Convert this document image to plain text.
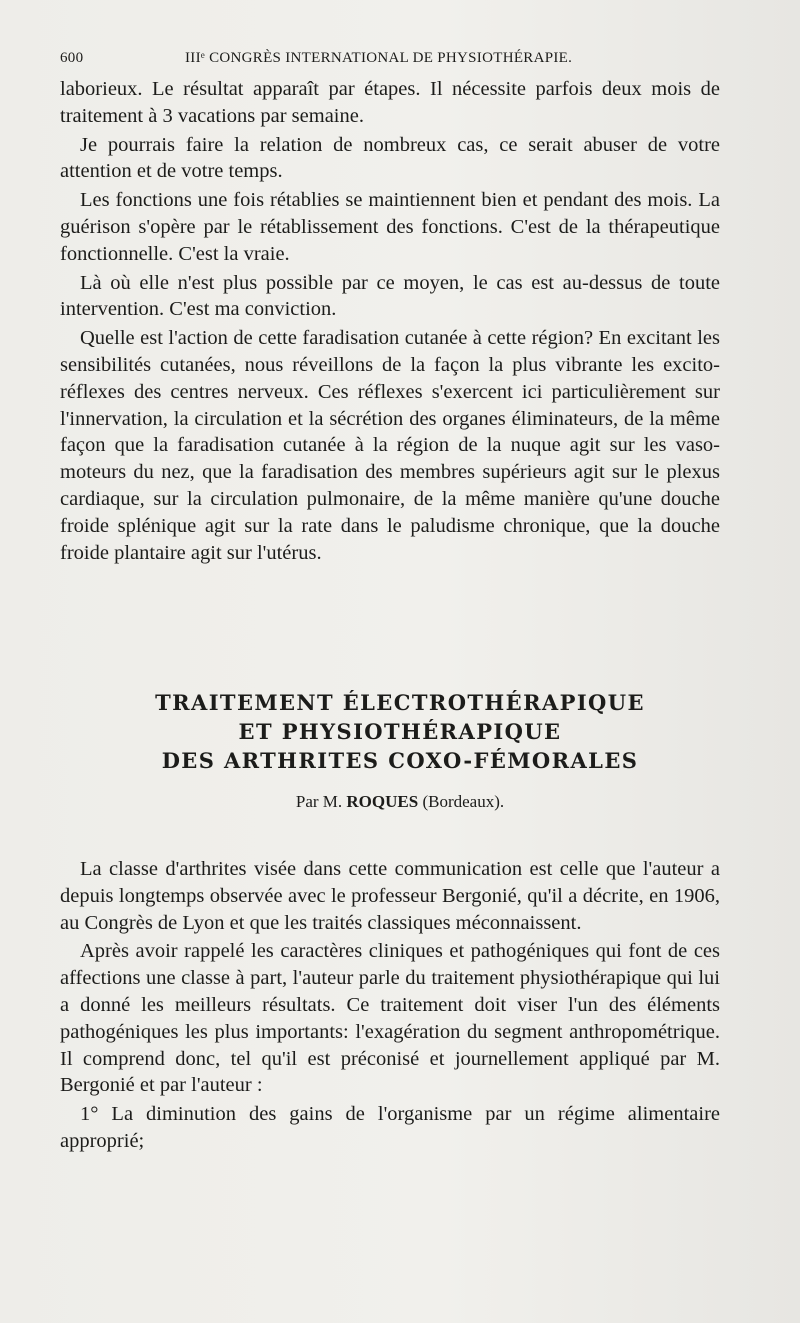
600	IIIᵉ CONGRÈS INTERNATIONAL DE PHYSIOTHÉRAPIE.

laborieux. Le résultat apparaît par étapes. Il nécessite parfois deux mois de traitement à 3 vacations par semaine.

Je pourrais faire la relation de nombreux cas, ce serait abuser de votre attention et de votre temps.

Les fonctions une fois rétablies se maintiennent bien et pendant des mois. La guérison s'opère par le rétablissement des fonctions. C'est de la thérapeutique fonctionnelle. C'est la vraie.

Là où elle n'est plus possible par ce moyen, le cas est au-dessus de toute intervention. C'est ma conviction.

Quelle est l'action de cette faradisation cutanée à cette région? En excitant les sensibilités cutanées, nous réveillons de la façon la plus vibrante les excito-réflexes des centres nerveux. Ces réflexes s'exercent ici particulièrement sur l'innervation, la circulation et la sécrétion des organes éliminateurs, de la même façon que la faradisation cutanée à la région de la nuque agit sur les vaso-moteurs du nez, que la faradisation des membres supérieurs agit sur le plexus cardiaque, sur la circulation pulmonaire, de la même manière qu'une douche froide splénique agit sur la rate dans le paludisme chronique, que la douche froide plantaire agit sur l'utérus.

TRAITEMENT ÉLECTROTHÉRAPIQUE
ET PHYSIOTHÉRAPIQUE
DES ARTHRITES COXO-FÉMORALES
Par M. ROQUES (Bordeaux).

La classe d'arthrites visée dans cette communication est celle que l'auteur a depuis longtemps observée avec le professeur Bergonié, qu'il a décrite, en 1906, au Congrès de Lyon et que les traités classiques méconnaissent.

Après avoir rappelé les caractères cliniques et pathogéniques qui font de ces affections une classe à part, l'auteur parle du traitement physiothérapique qui lui a donné les meilleurs résultats. Ce traitement doit viser l'un des éléments pathogéniques les plus importants: l'exagération du segment anthropométrique. Il comprend donc, tel qu'il est préconisé et journellement appliqué par M. Bergonié et par l'auteur :

1° La diminution des gains de l'organisme par un régime alimentaire approprié;
